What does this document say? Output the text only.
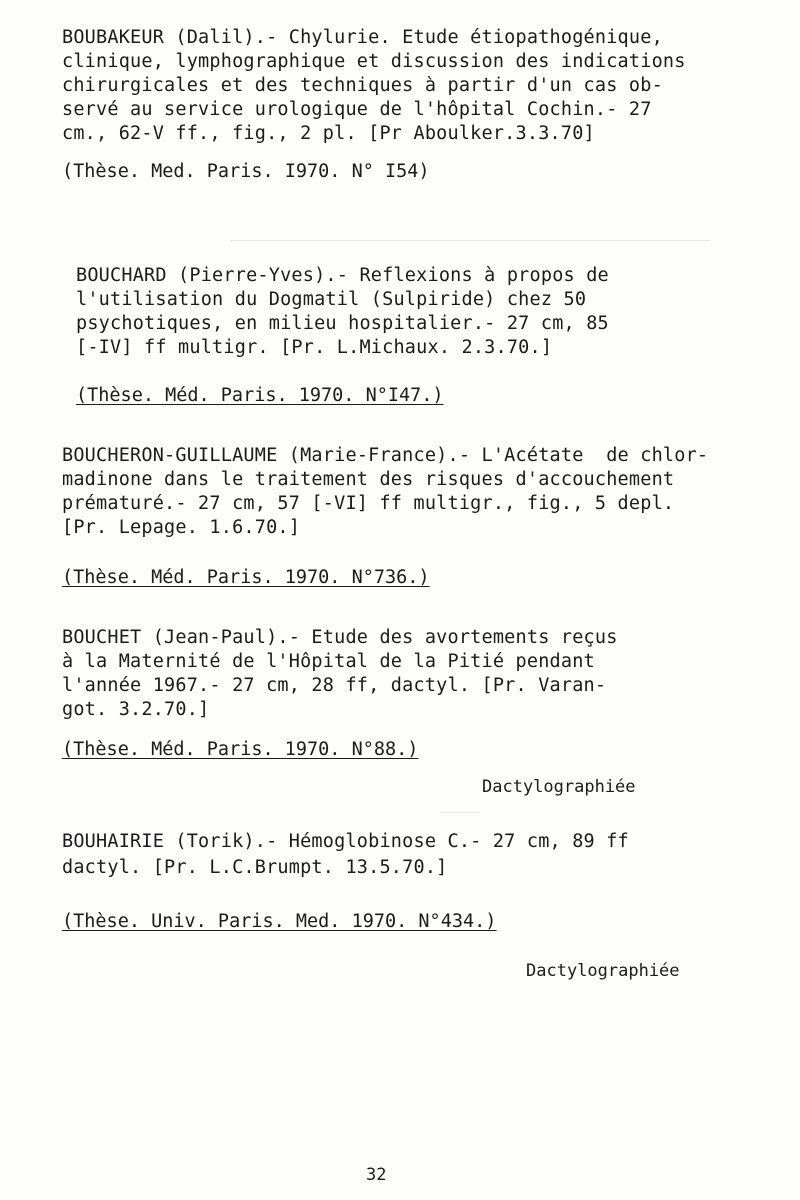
BOUBAKEUR (Dalil).- Chylurie. Etude étiopathogénique,
clinique, lymphographique et discussion des indications
chirurgicales et des techniques à partir d'un cas ob-
servé au service urologique de l'hôpital Cochin.- 27
cm., 62-V ff., fig., 2 pl. [Pr Aboulker.3.3.70]
(Thèse. Med. Paris. I970. N° I54)
BOUCHARD (Pierre-Yves).- Reflexions à propos de
l'utilisation du Dogmatil (Sulpiride) chez 50
psychotiques, en milieu hospitalier.- 27 cm, 85
[-IV] ff multigr. [Pr. L.Michaux. 2.3.70.]
(Thèse. Méd. Paris. 1970. N°I47.)
BOUCHERON-GUILLAUME (Marie-France).- L'Acétate  de chlor-
madinone dans le traitement des risques d'accouchement
prématuré.- 27 cm, 57 [-VI] ff multigr., fig., 5 depl.
[Pr. Lepage. 1.6.70.]
(Thèse. Méd. Paris. 1970. N°736.)
BOUCHET (Jean-Paul).- Etude des avortements reçus
à la Maternité de l'Hôpital de la Pitié pendant
l'année 1967.- 27 cm, 28 ff, dactyl. [Pr. Varan-
got. 3.2.70.]
(Thèse. Méd. Paris. 1970. N°88.)
Dactylographiée
BOUHAIRIE (Torik).- Hémoglobinose C.- 27 cm, 89 ff
dactyl. [Pr. L.C.Brumpt. 13.5.70.]
(Thèse. Univ. Paris. Med. 1970. N°434.)
Dactylographiée
32
